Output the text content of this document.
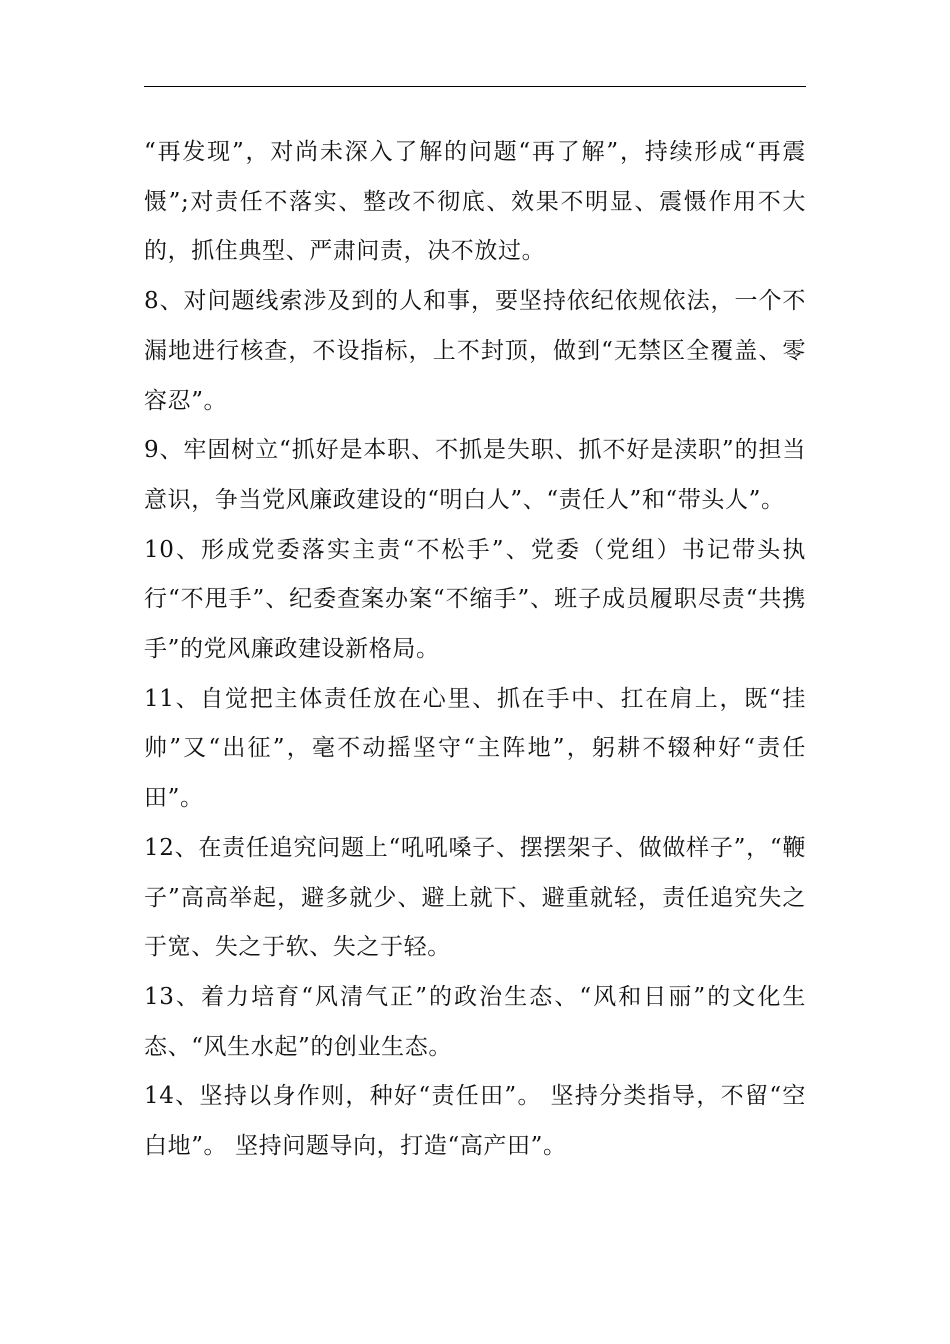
“再发现”，对尚未深入了解的问题“再了解”，持续形成“再震慑”;对责任不落实、整改不彻底、效果不明显、震慑作用不大的，抓住典型、严肃问责，决不放过。

8、对问题线索涉及到的人和事，要坚持依纪依规依法，一个不漏地进行核查，不设指标，上不封顶，做到“无禁区全覆盖、零容忍”。

9、牢固树立“抓好是本职、不抓是失职、抓不好是渎职”的担当意识，争当党风廉政建设的“明白人”、“责任人”和“带头人”。

10、形成党委落实主责“不松手”、党委（党组）书记带头执行“不甩手”、纪委查案办案“不缩手”、班子成员履职尽责“共携手”的党风廉政建设新格局。

11、自觉把主体责任放在心里、抓在手中、扛在肩上，既“挂帅”又“出征”，毫不动摇坚守“主阵地”，躬耕不辍种好“责任田”。

12、在责任追究问题上“吼吼嗓子、摆摆架子、做做样子”，“鞭子”高高举起，避多就少、避上就下、避重就轻，责任追究失之于宽、失之于软、失之于轻。

13、着力培育“风清气正”的政治生态、“风和日丽”的文化生态、“风生水起”的创业生态。

14、坚持以身作则，种好“责任田”。 坚持分类指导，不留“空白地”。 坚持问题导向，打造“高产田”。
